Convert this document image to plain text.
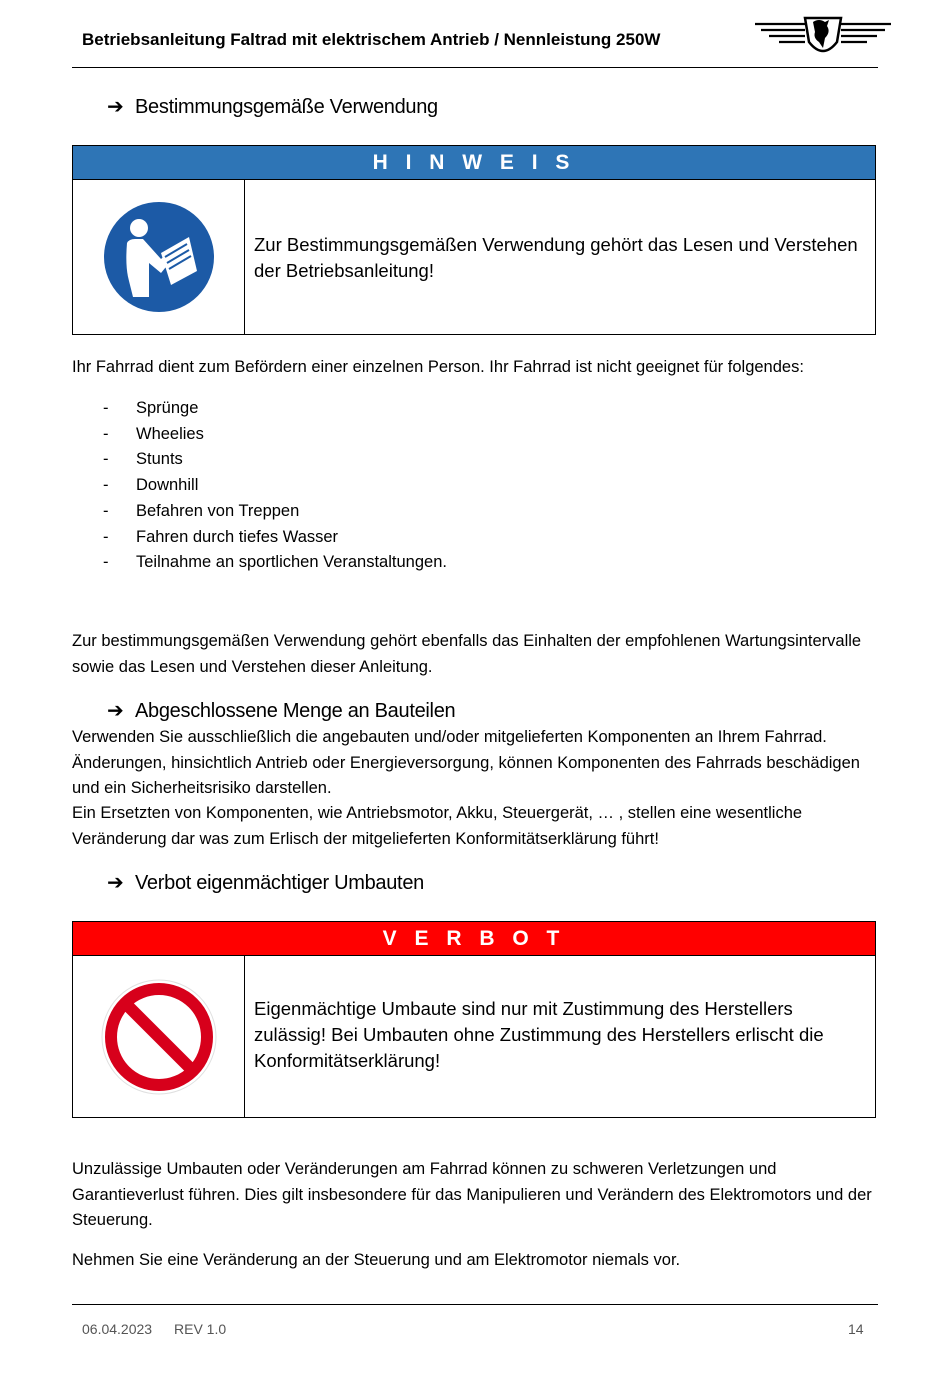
Betriebsanleitung Faltrad mit elektrischem Antrieb / Nennleistung 250W
➔ Bestimmungsgemäße Verwendung
H I N W E I S
Zur Bestimmungsgemäßen Verwendung gehört das Lesen und Verstehen der Betriebsanleitung!
Ihr Fahrrad dient zum Befördern einer einzelnen Person. Ihr Fahrrad ist nicht geeignet für folgendes:
-	Sprünge
-	Wheelies
-	Stunts
-	Downhill
-	Befahren von Treppen
-	Fahren durch tiefes Wasser
-	Teilnahme an sportlichen Veranstaltungen.
Zur bestimmungsgemäßen Verwendung gehört ebenfalls das Einhalten der empfohlenen Wartungsintervalle sowie das Lesen und Verstehen dieser Anleitung.
➔ Abgeschlossene Menge an Bauteilen
Verwenden Sie ausschließlich die angebauten und/oder mitgelieferten Komponenten an Ihrem Fahrrad. Änderungen, hinsichtlich Antrieb oder Energieversorgung, können Komponenten des Fahrrads beschädigen und ein Sicherheitsrisiko darstellen.
Ein Ersetzten von Komponenten, wie Antriebsmotor, Akku, Steuergerät, … , stellen eine wesentliche Veränderung dar was zum Erlisch der mitgelieferten Konformitätserklärung führt!
➔ Verbot eigenmächtiger Umbauten
V E R B O T
Eigenmächtige Umbaute sind nur mit Zustimmung des Herstellers zulässig! Bei Umbauten ohne Zustimmung des Herstellers erlischt die Konformitätserklärung!
Unzulässige Umbauten oder Veränderungen am Fahrrad können zu schweren Verletzungen und Garantieverlust führen. Dies gilt insbesondere für das Manipulieren und Verändern des Elektromotors und der Steuerung.
Nehmen Sie eine Veränderung an der Steuerung und am Elektromotor niemals vor.
06.04.2023 REV 1.0	14
